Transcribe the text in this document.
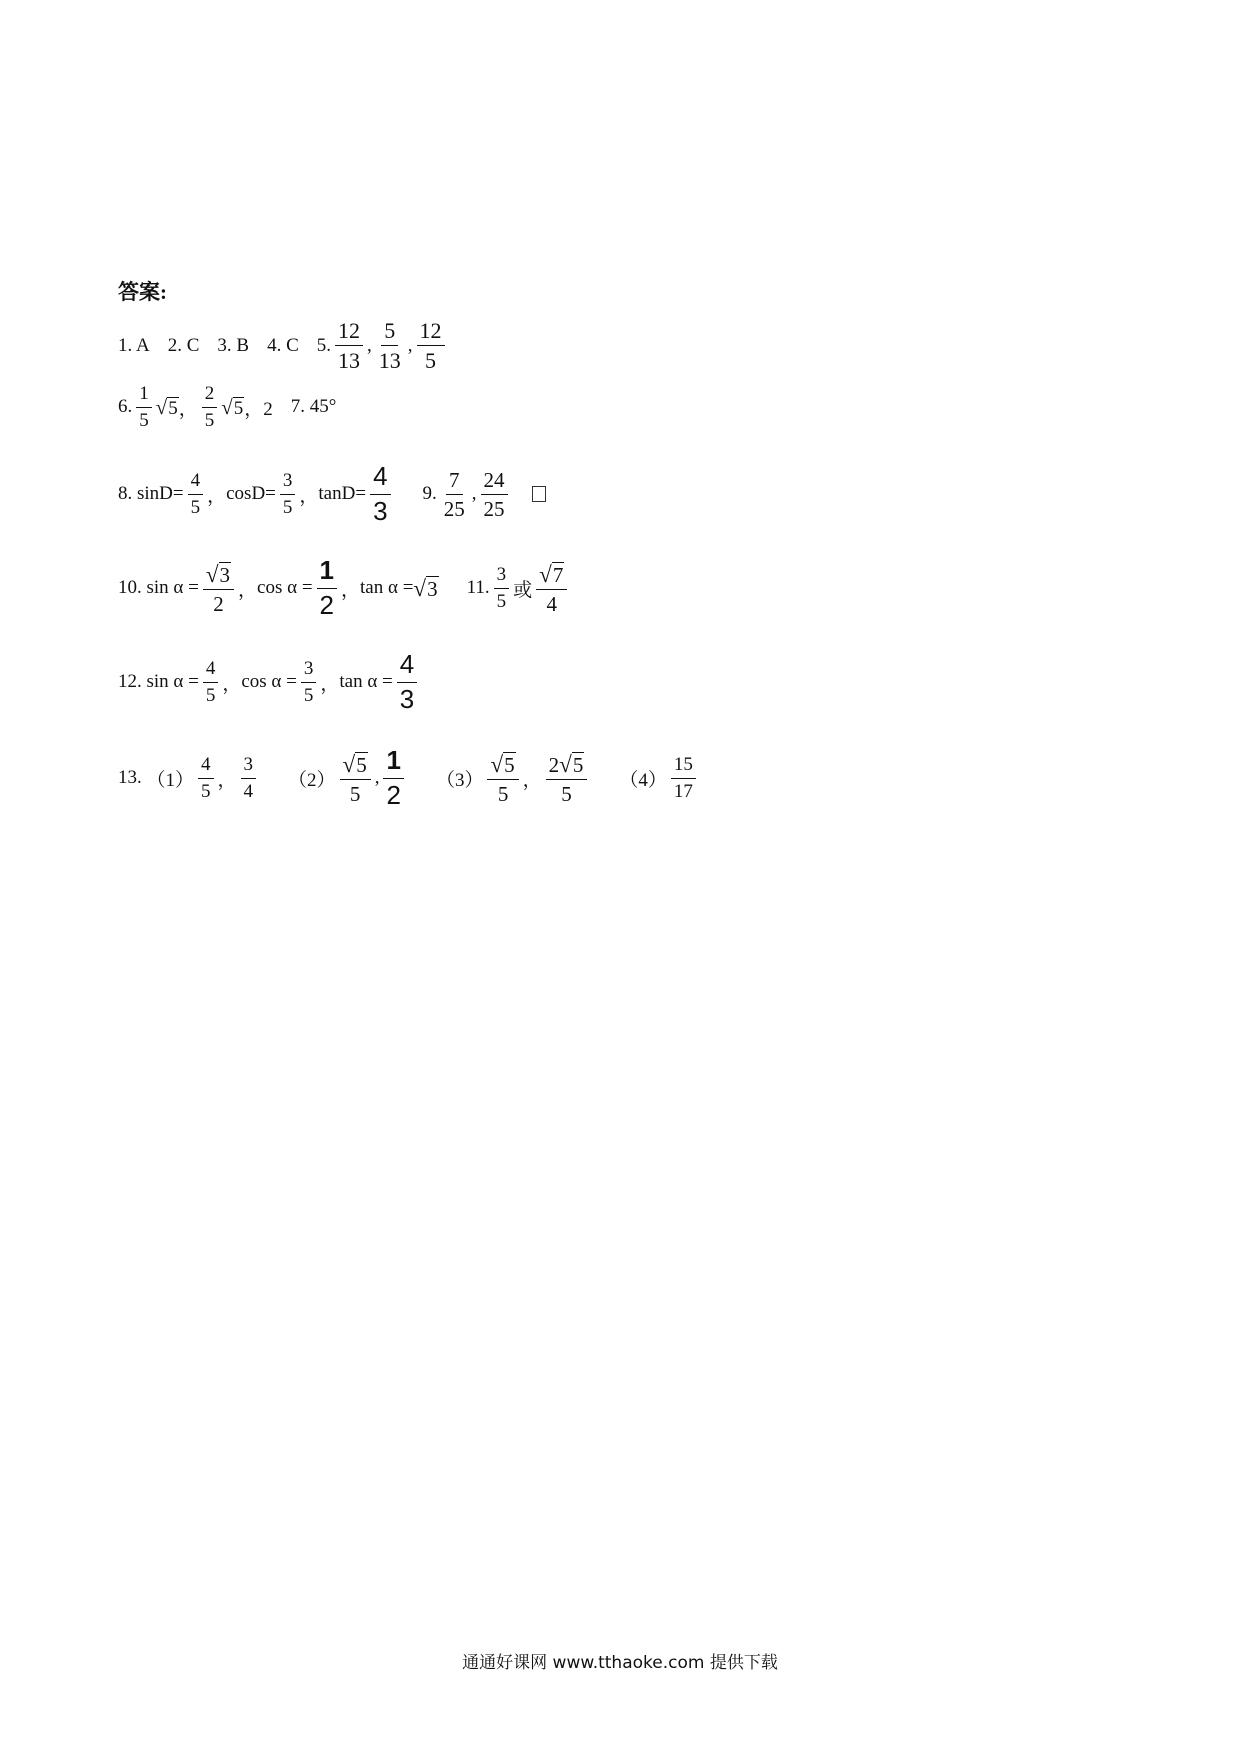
答案:
1. A 2. C 3. B 4. C 5. $\frac{12}{13}$ , $\frac{5}{13}$ , $\frac{12}{5}$
6. $\frac{1}{5}$ √ 5 ， $\frac{2}{5}$ √ 5 ，2 7. 45°
8.
$\sin D= \frac{4}{5}$ ， $\cos D= \frac{3}{5}$ ， $\tan D= \frac{4}{3} 9$. $\frac{7}{25}$ , $\frac{24}{25}$
10.
$\sin \alpha = \frac{√ 3}{2}$ ， $\cos \alpha = \frac{1}{2}$ ， tan α = √ 3 11. $\frac{3}{5}$ 或 $\frac{√ 7}{4}$
12.
$\sin \alpha = \frac{4}{5}$ ， $\cos \alpha = \frac{3}{5}$ ， $\tan \alpha = \frac{4}{3}$
13.
$(1) \frac{4}{5}$ ， $\frac{3}{4} (2) \frac{√ 5}{5}$ , $\frac{1}{2} (3) \frac{√ 5}{5}$ ， $\frac{2 √ 5}{5} (4) \frac{15}{17}$
通通好课网 www.tthaoke.com 提供下载
